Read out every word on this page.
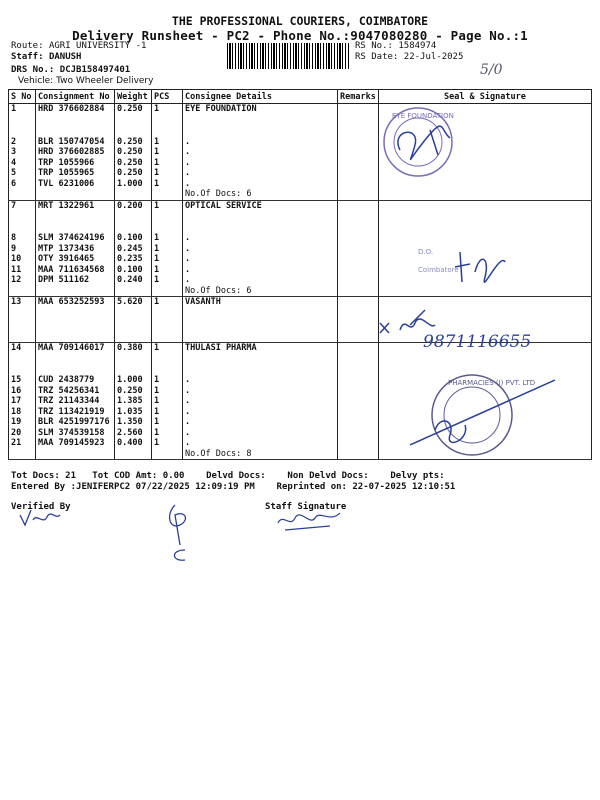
THE PROFESSIONAL COURIERS, COIMBATORE
Delivery Runsheet - PC2 - Phone No.:9047080280 - Page No.:1
Route: AGRI UNIVERSITY -1
Staff: DANUSH
DRS No.: DCJB158497401
Vehicle: Two Wheeler Delivery
RS No.: 1584974
RS Date: 22-Jul-2025
5/0
S No	Consignment No	Weight	PCS	Consignee Details	Remarks	Seal & Signature
1	HRD 376602884	0.250	1	EYE FOUNDATION		

2	BLR 150747054	0.250	1	.		
3	HRD 376602885	0.250	1	.		
4	TRP 1055966	0.250	1	.		
5	TRP 1055965	0.250	1	.		
6	TVL 6231006	1.000	1	.		
				No.Of Docs: 6		
7	MRT 1322961	0.200	1	OPTICAL SERVICE		

8	SLM 374624196	0.100	1	.		
9	MTP 1373436	0.245	1	.		
10	OTY 3916465	0.235	1	.		
11	MAA 711634568	0.100	1	.		
12	DPM 511162	0.240	1	.		
				No.Of Docs: 6		
13	MAA 653252593	5.620	1	VASANTH		

14	MAA 709146017	0.380	1	THULASI PHARMA		

15	CUD 2438779	1.000	1	.		
16	TRZ 54256341	0.250	1	.		
17	TRZ 21143344	1.385	1	.		
18	TRZ 113421919	1.035	1	.		
19	BLR 4251997176	1.350	1	.		
20	SLM 374539158	2.560	1	.		
21	MAA 709145923	0.400	1	.		
				No.Of Docs: 8		
EYE FOUNDATION
D.O.
Coimbatore
9871116655
PHARMACIES (I) PVT. LTD
Tot Docs: 21 Tot COD Amt: 0.00 Delvd Docs: Non Delvd Docs: Delvy pts:
Entered By :JENIFERPC2 07/22/2025 12:09:19 PM Reprinted on: 22-07-2025 12:10:51
Verified By	Staff Signature
